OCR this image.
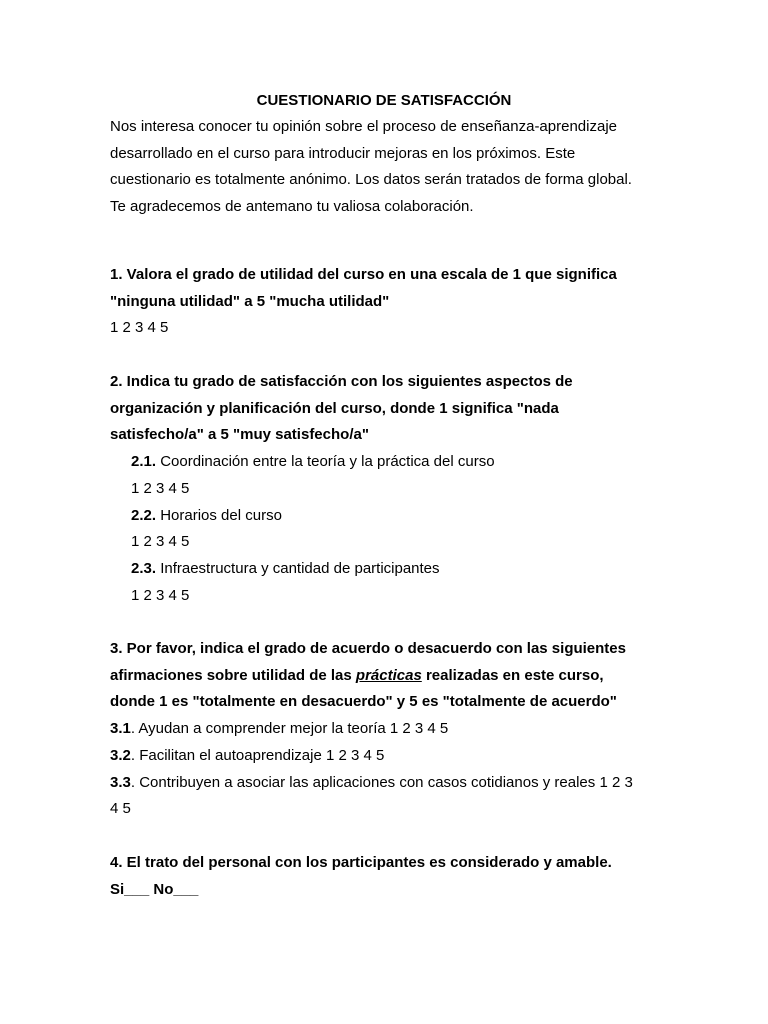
CUESTIONARIO DE SATISFACCIÓN
Nos interesa conocer tu opinión sobre el proceso de enseñanza-aprendizaje
desarrollado en el curso para introducir mejoras en los próximos. Este
cuestionario es totalmente anónimo. Los datos serán tratados de forma global.
Te agradecemos de antemano tu valiosa colaboración.
1. Valora el grado de utilidad del curso en una escala de 1 que significa
"ninguna utilidad" a 5 "mucha utilidad"
1 2 3 4 5
2. Indica tu grado de satisfacción con los siguientes aspectos de
organización y planificación del curso, donde 1 significa "nada
satisfecho/a" a 5 "muy satisfecho/a"
2.1. Coordinación entre la teoría y la práctica del curso
1 2 3 4 5
2.2. Horarios del curso
1 2 3 4 5
2.3. Infraestructura y cantidad de participantes
1 2 3 4 5
3. Por favor, indica el grado de acuerdo o desacuerdo con las siguientes
afirmaciones sobre utilidad de las prácticas realizadas en este curso,
donde 1 es "totalmente en desacuerdo" y 5 es "totalmente de acuerdo"
3.1. Ayudan a comprender mejor la teoría 1 2 3 4 5
3.2. Facilitan el autoaprendizaje 1 2 3 4 5
3.3. Contribuyen a asociar las aplicaciones con casos cotidianos y reales 1 2 3
4 5
4. El trato del personal con los participantes es considerado y amable.
Si___ No___
